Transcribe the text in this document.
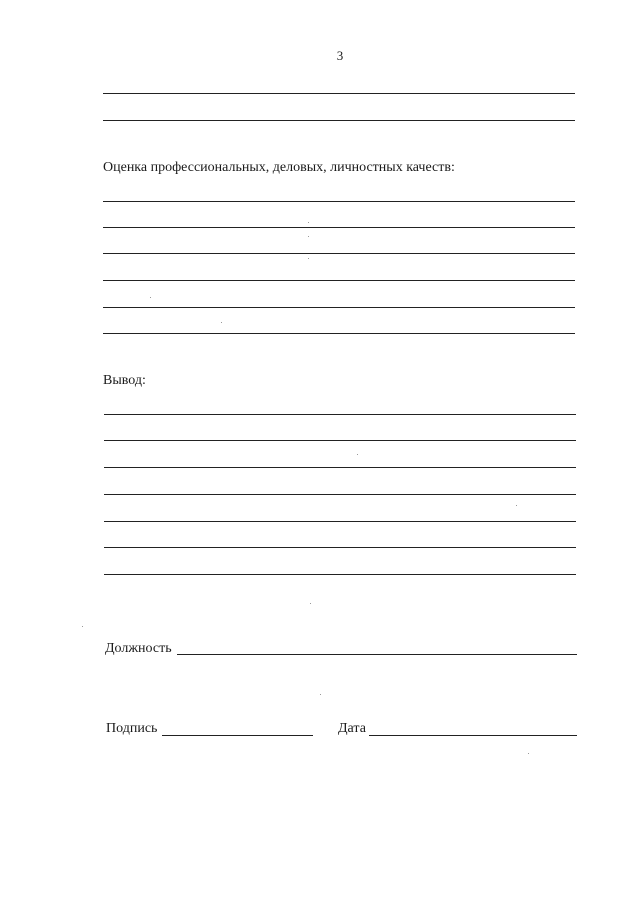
3
Оценка профессиональных, деловых, личностных качеств:
Вывод:
Должность
Подпись	Дата
